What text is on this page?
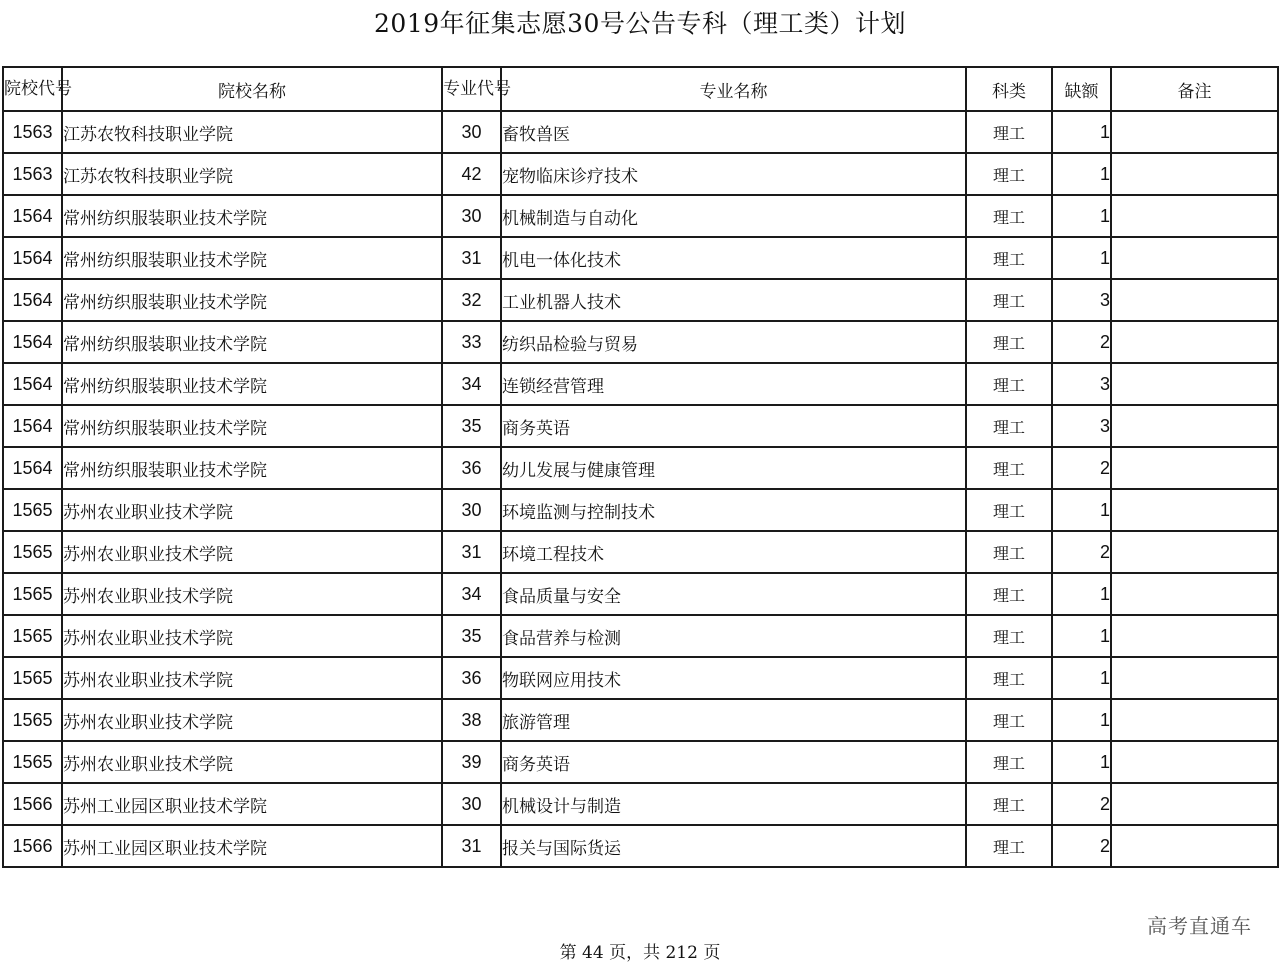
2019年征集志愿30号公告专科（理工类）计划
院校代号	院校名称	专业代号	专业名称	科类	缺额	备注
1563	江苏农牧科技职业学院	30	畜牧兽医	理工	1	
1563	江苏农牧科技职业学院	42	宠物临床诊疗技术	理工	1	
1564	常州纺织服装职业技术学院	30	机械制造与自动化	理工	1	
1564	常州纺织服装职业技术学院	31	机电一体化技术	理工	1	
1564	常州纺织服装职业技术学院	32	工业机器人技术	理工	3	
1564	常州纺织服装职业技术学院	33	纺织品检验与贸易	理工	2	
1564	常州纺织服装职业技术学院	34	连锁经营管理	理工	3	
1564	常州纺织服装职业技术学院	35	商务英语	理工	3	
1564	常州纺织服装职业技术学院	36	幼儿发展与健康管理	理工	2	
1565	苏州农业职业技术学院	30	环境监测与控制技术	理工	1	
1565	苏州农业职业技术学院	31	环境工程技术	理工	2	
1565	苏州农业职业技术学院	34	食品质量与安全	理工	1	
1565	苏州农业职业技术学院	35	食品营养与检测	理工	1	
1565	苏州农业职业技术学院	36	物联网应用技术	理工	1	
1565	苏州农业职业技术学院	38	旅游管理	理工	1	
1565	苏州农业职业技术学院	39	商务英语	理工	1	
1566	苏州工业园区职业技术学院	30	机械设计与制造	理工	2	
1566	苏州工业园区职业技术学院	31	报关与国际货运	理工	2	
高考直通车
第 44 页，共 212 页
